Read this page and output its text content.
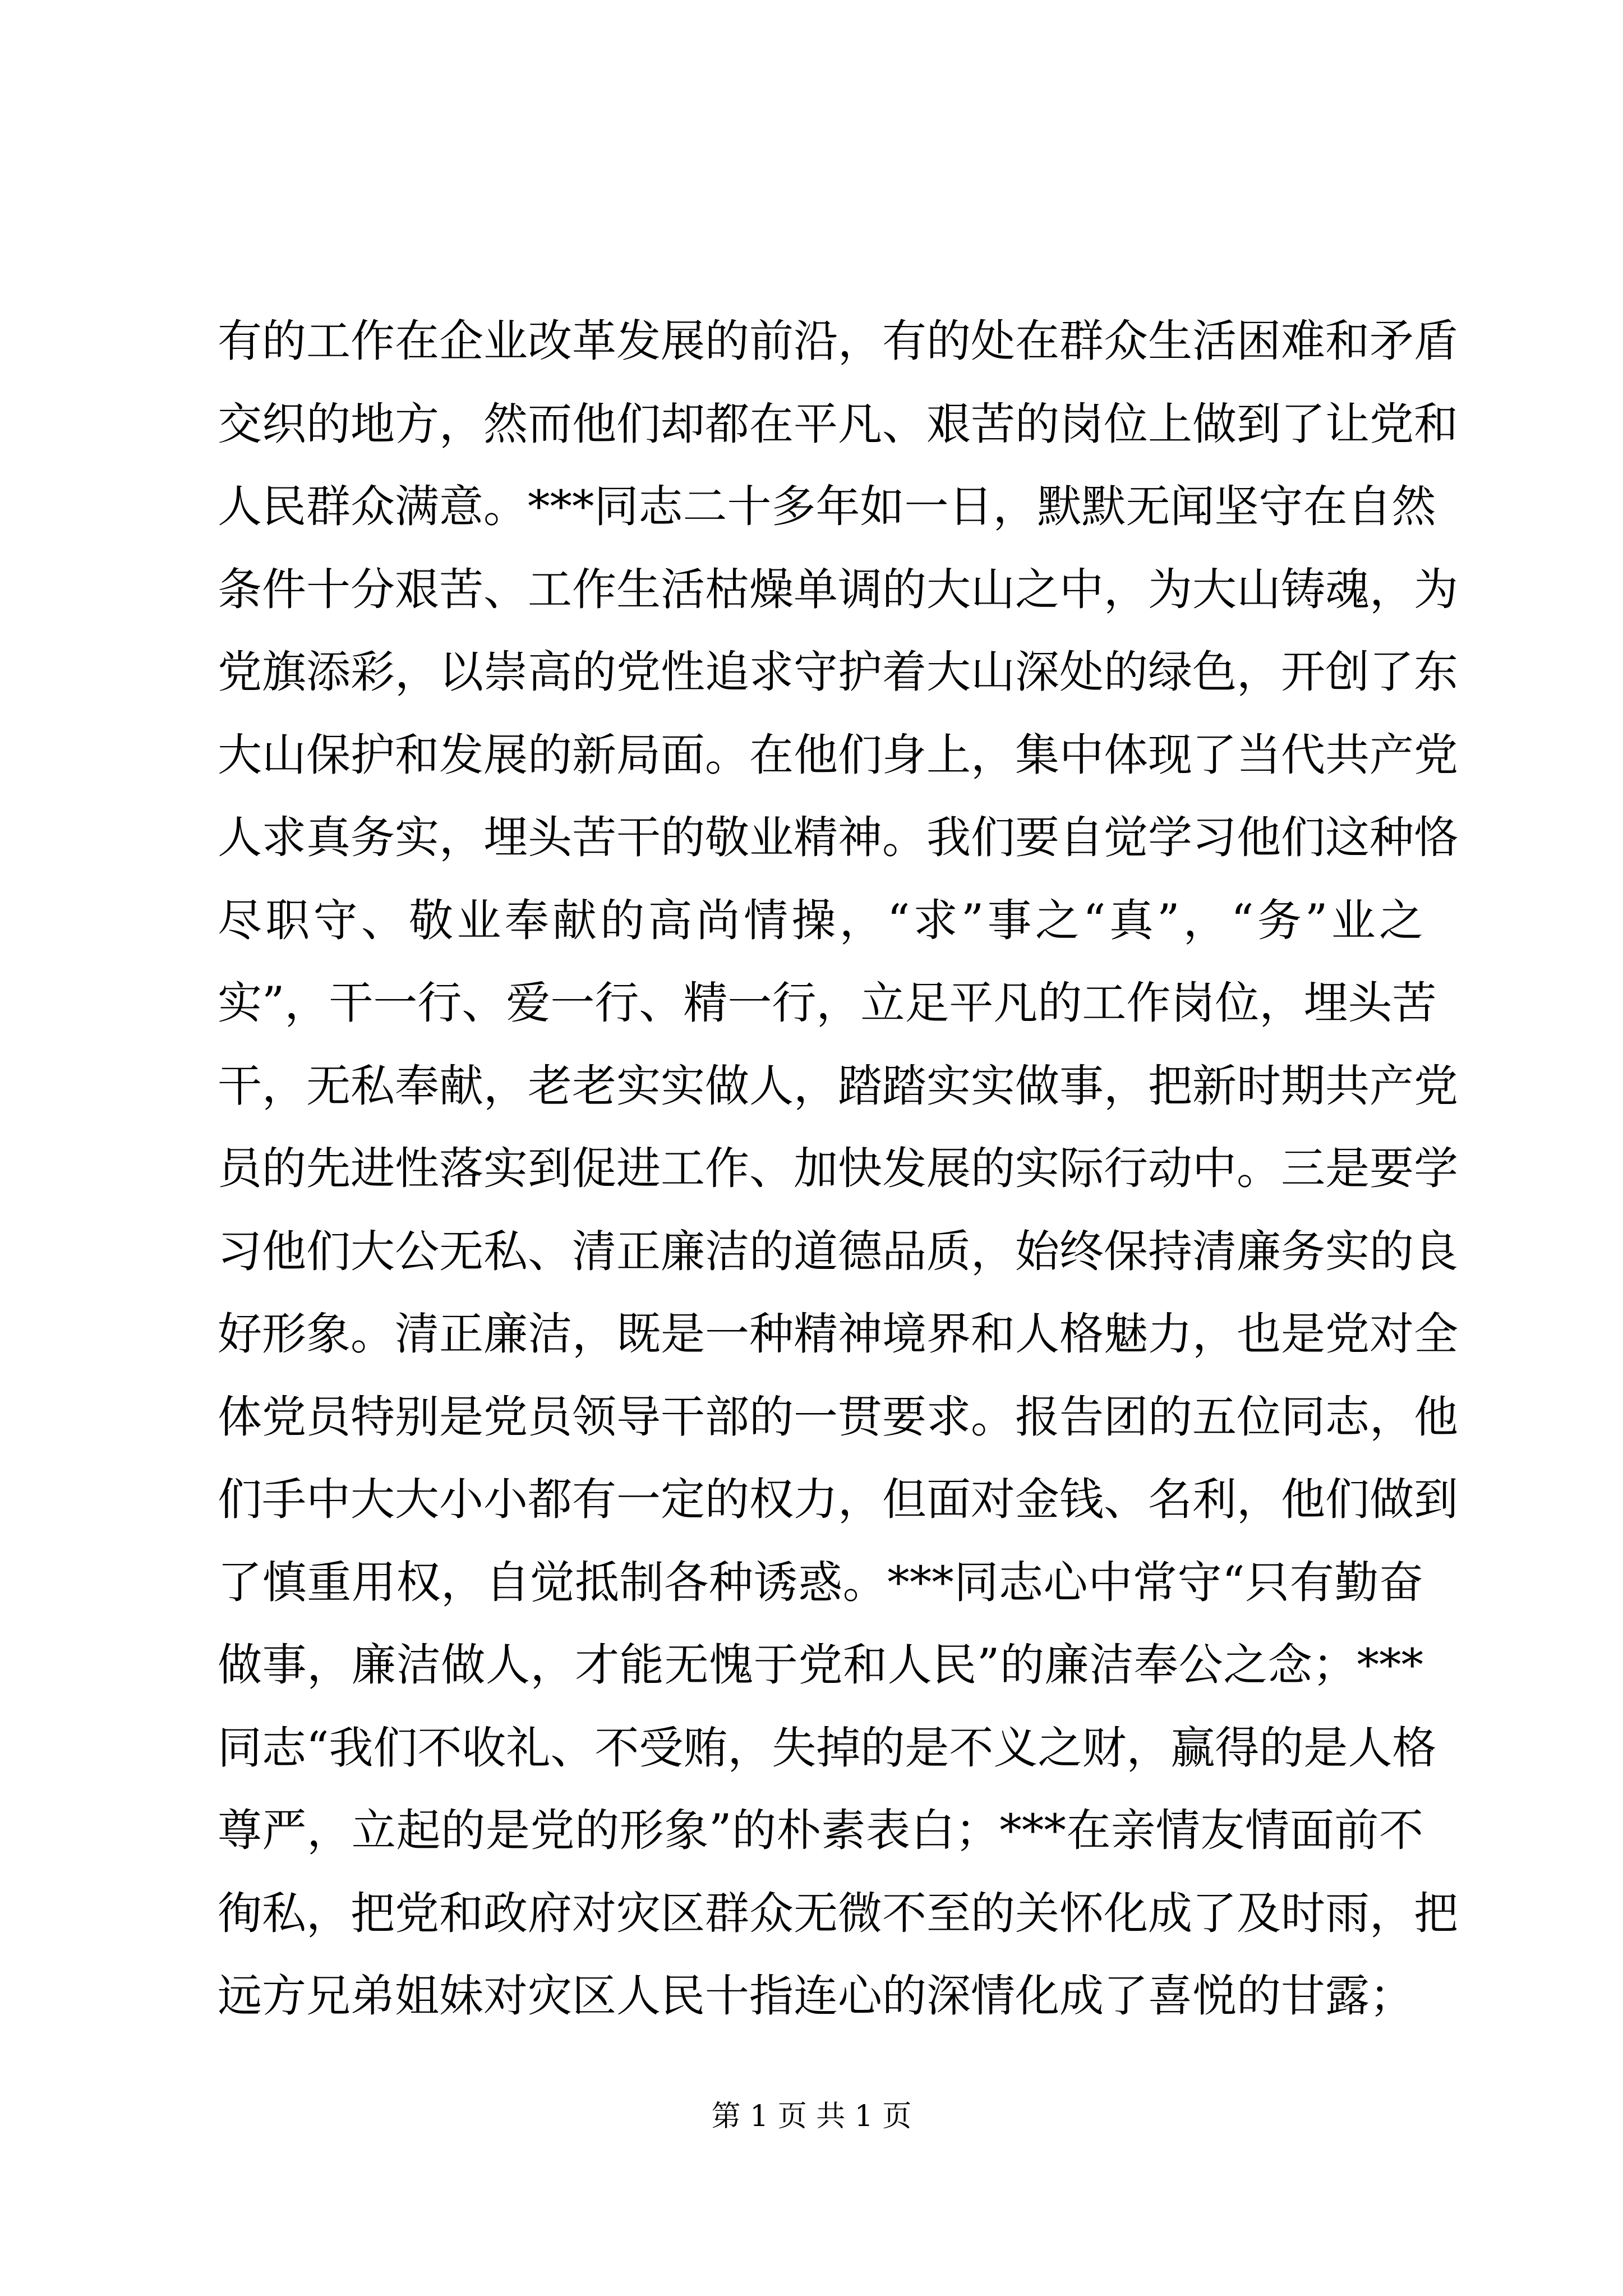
有的工作在企业改革发展的前沿，有的处在群众生活困难和矛盾
交织的地方，然而他们却都在平凡、艰苦的岗位上做到了让党和
人民群众满意。***同志二十多年如一日，默默无闻坚守在自然
条件十分艰苦、工作生活枯燥单调的大山之中，为大山铸魂，为
党旗添彩，以崇高的党性追求守护着大山深处的绿色，开创了东
大山保护和发展的新局面。在他们身上，集中体现了当代共产党
人求真务实，埋头苦干的敬业精神。我们要自觉学习他们这种恪
尽职守、敬业奉献的高尚情操，“求”事之“真”，“务”业之
实”，干一行、爱一行、精一行，立足平凡的工作岗位，埋头苦
干，无私奉献，老老实实做人，踏踏实实做事，把新时期共产党
员的先进性落实到促进工作、加快发展的实际行动中。三是要学
习他们大公无私、清正廉洁的道德品质，始终保持清廉务实的良
好形象。清正廉洁，既是一种精神境界和人格魅力，也是党对全
体党员特别是党员领导干部的一贯要求。报告团的五位同志，他
们手中大大小小都有一定的权力，但面对金钱、名利，他们做到
了慎重用权，自觉抵制各种诱惑。***同志心中常守“只有勤奋
做事，廉洁做人，才能无愧于党和人民”的廉洁奉公之念；***
同志“我们不收礼、不受贿，失掉的是不义之财，赢得的是人格
尊严，立起的是党的形象”的朴素表白；***在亲情友情面前不
徇私，把党和政府对灾区群众无微不至的关怀化成了及时雨，把
远方兄弟姐妹对灾区人民十指连心的深情化成了喜悦的甘露；
第 1 页 共 1 页
